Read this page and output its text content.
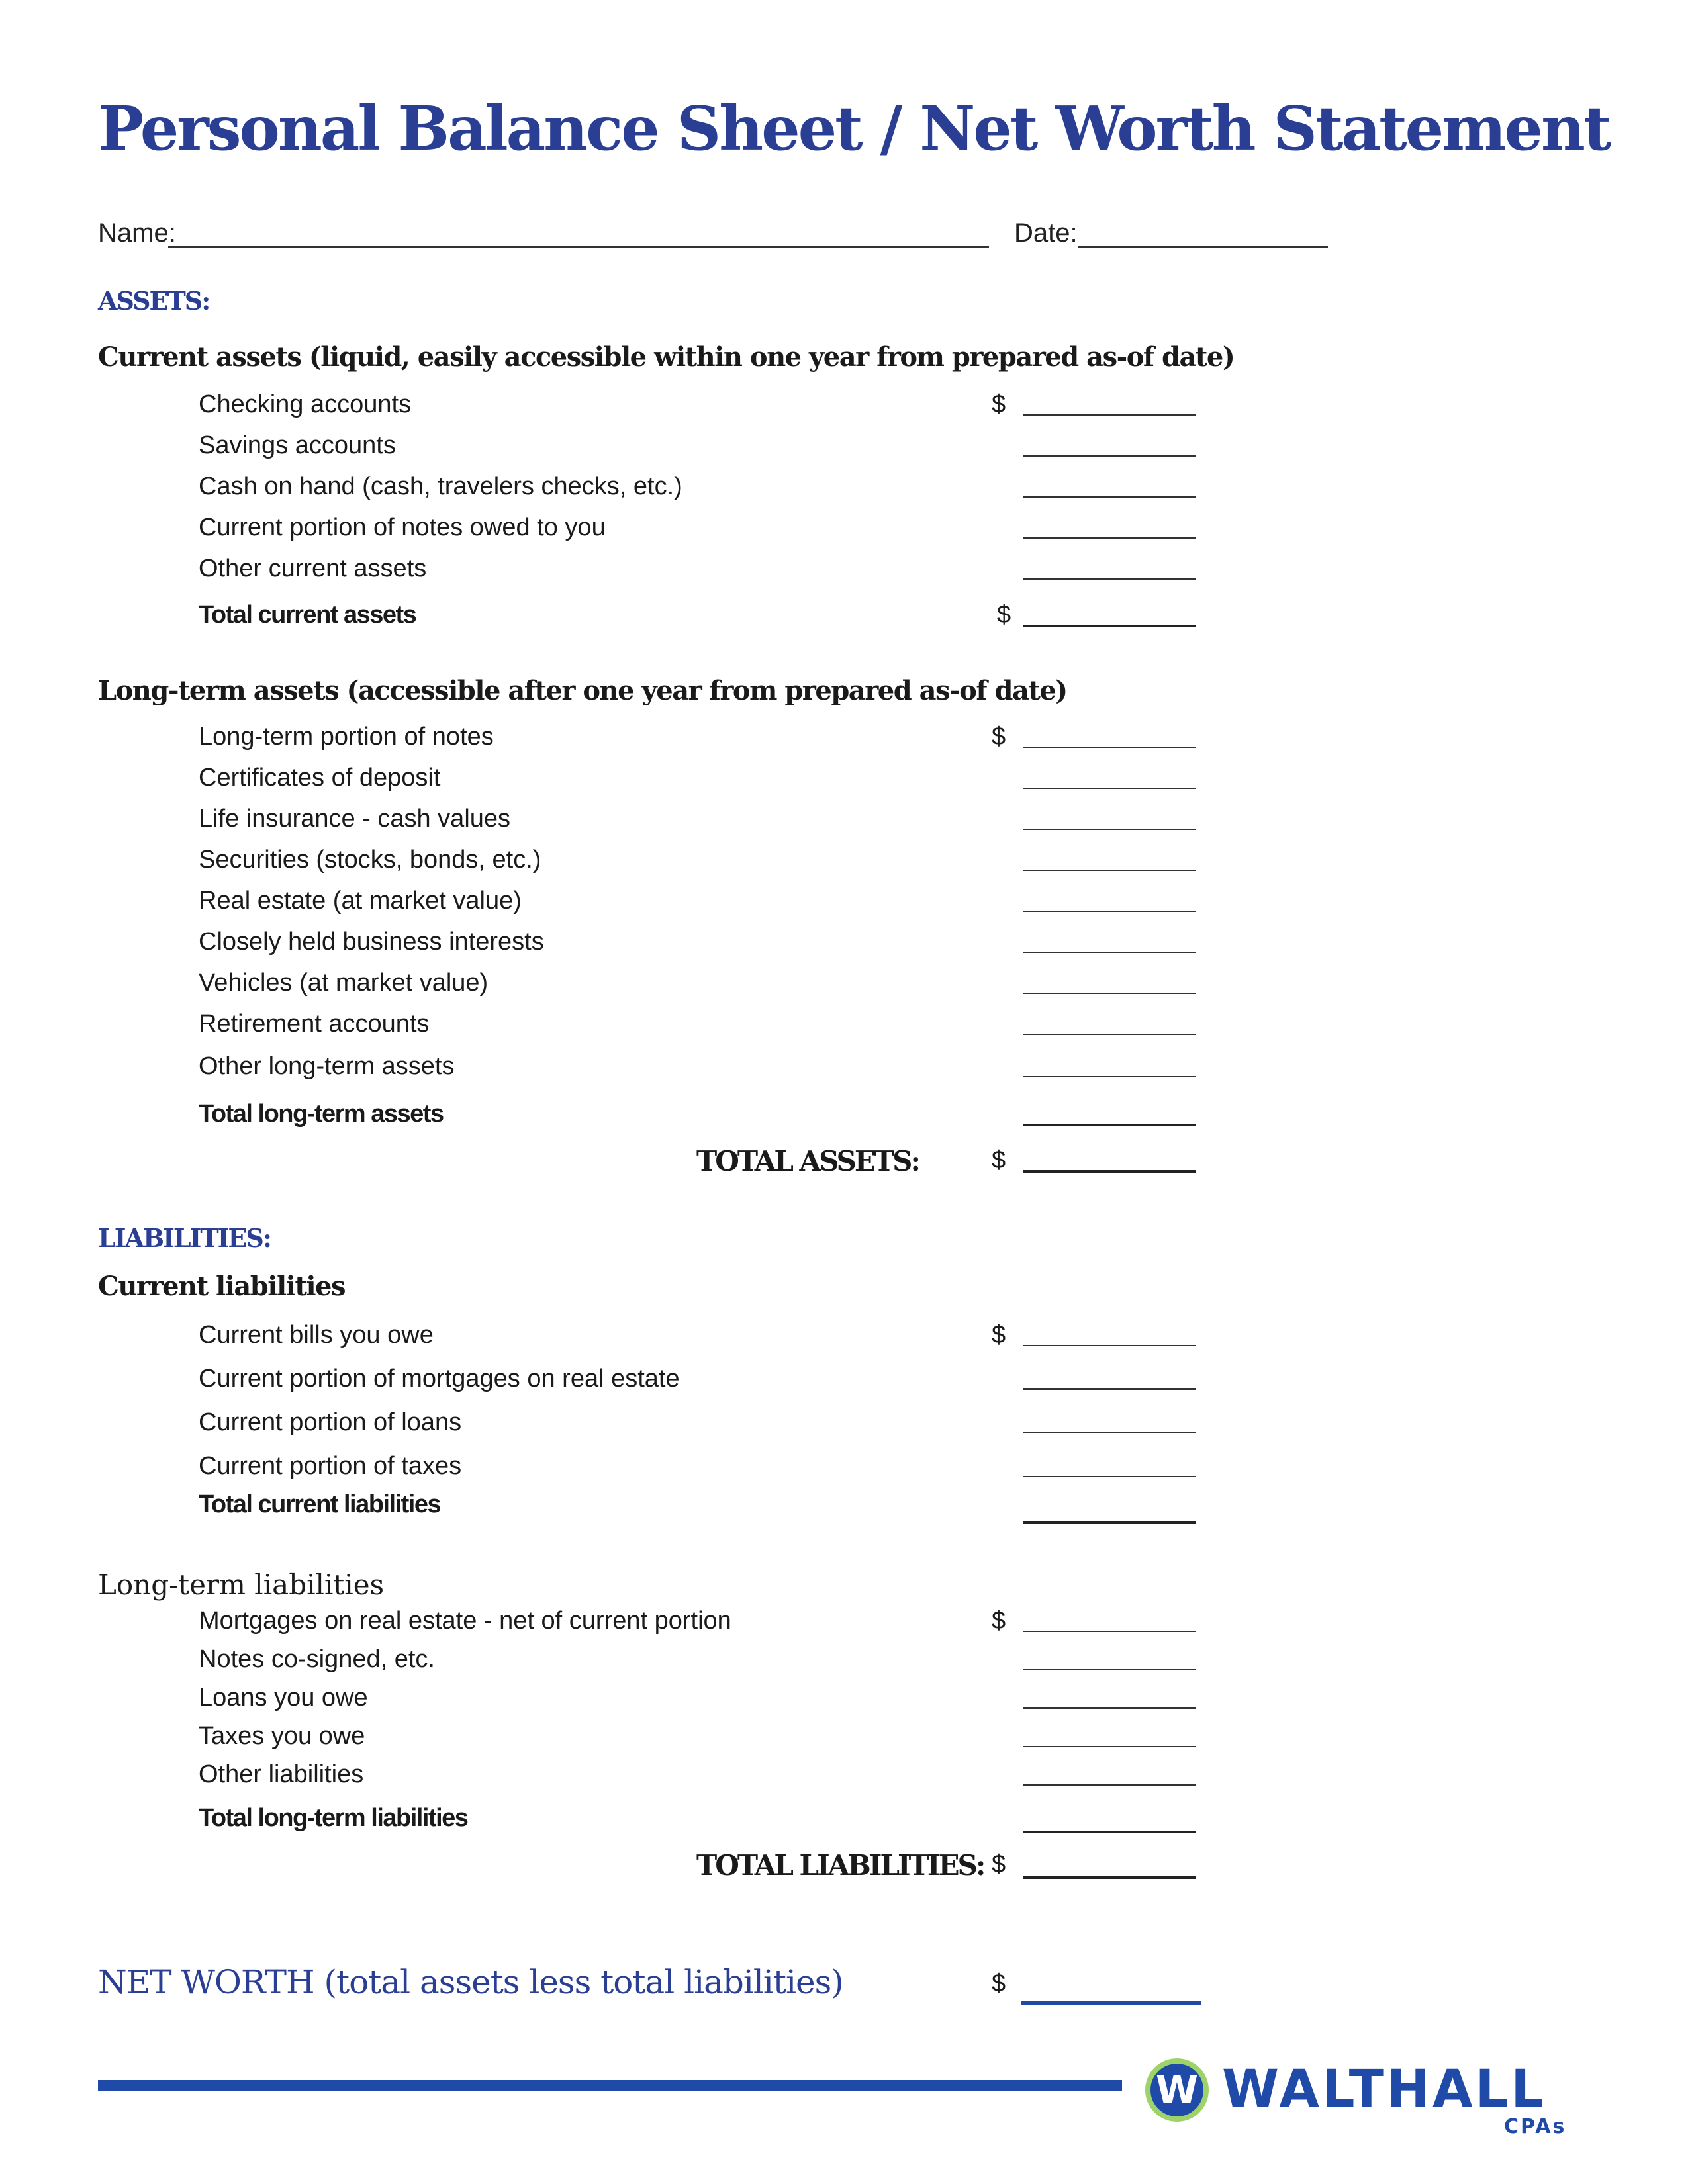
Personal Balance Sheet / Net Worth Statement
Name:	Date:
ASSETS:
Current assets (liquid, easily accessible within one year from prepared as-of date)
Checking accounts	$
Savings accounts
Cash on hand (cash, travelers checks, etc.)
Current portion of notes owed to you
Other current assets
Total current assets	$
Long-term assets (accessible after one year from prepared as-of date)
Long-term portion of notes	$
Certificates of deposit
Life insurance - cash values
Securities (stocks, bonds, etc.)
Real estate (at market value)
Closely held business interests
Vehicles (at market value)
Retirement accounts
Other long-term assets
Total long-term assets
TOTAL ASSETS:	$
LIABILITIES:
Current liabilities
Current bills you owe	$
Current portion of mortgages on real estate
Current portion of loans
Current portion of taxes
Total current liabilities
Long-term liabilities
Mortgages on real estate - net of current portion	$
Notes co-signed, etc.
Loans you owe
Taxes you owe
Other liabilities
Total long-term liabilities
TOTAL LIABILITIES: $
NET WORTH (total assets less total liabilities)	$
W WALTHALL
CPAs
